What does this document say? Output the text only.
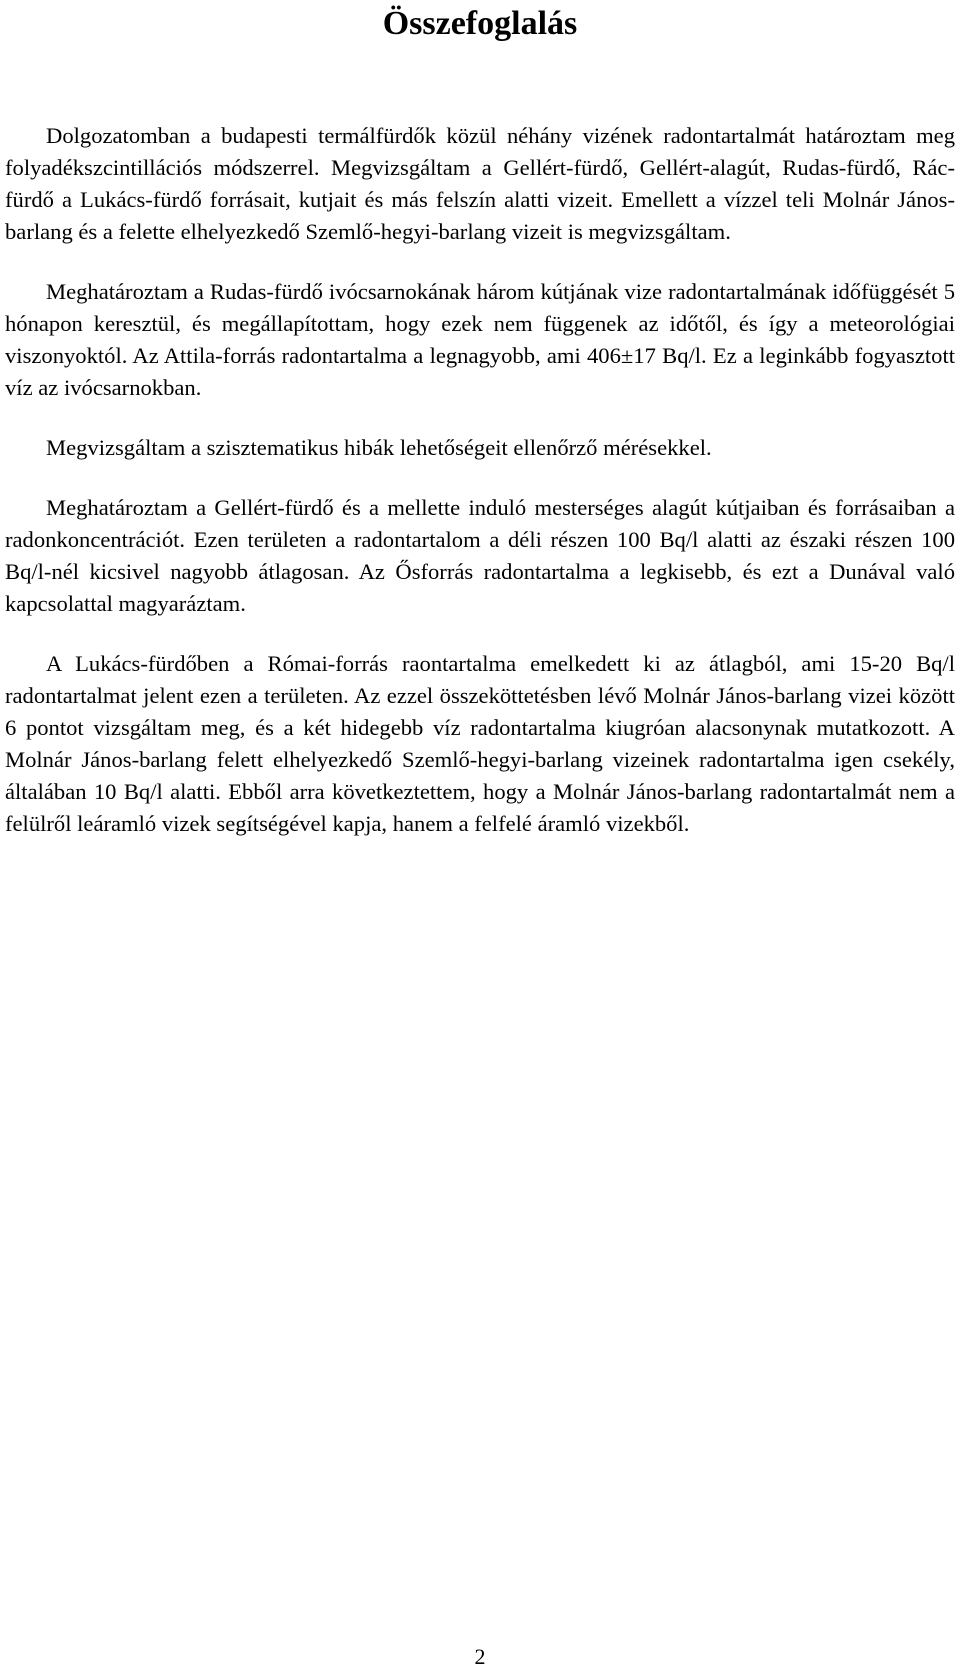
Összefoglalás

Dolgozatomban a budapesti termálfürdők közül néhány vizének radontartalmát határoztam meg folyadékszcintillációs módszerrel. Megvizsgáltam a Gellért-fürdő, Gellért-alagút, Rudas-fürdő, Rác-fürdő a Lukács-fürdő forrásait, kutjait és más felszín alatti vizeit. Emellett a vízzel teli Molnár János-barlang és a felette elhelyezkedő Szemlő-hegyi-barlang vizeit is megvizsgáltam.

Meghatároztam a Rudas-fürdő ivócsarnokának három kútjának vize radontartalmának időfüggését 5 hónapon keresztül, és megállapítottam, hogy ezek nem függenek az időtől, és így a meteorológiai viszonyoktól. Az Attila-forrás radontartalma a legnagyobb, ami 406±17 Bq/l. Ez a leginkább fogyasztott víz az ivócsarnokban.

Megvizsgáltam a szisztematikus hibák lehetőségeit ellenőrző mérésekkel.

Meghatároztam a Gellért-fürdő és a mellette induló mesterséges alagút kútjaiban és forrásaiban a radonkoncentrációt. Ezen területen a radontartalom a déli részen 100 Bq/l alatti az északi részen 100 Bq/l-nél kicsivel nagyobb átlagosan. Az Ősforrás radontartalma a legkisebb, és ezt a Dunával való kapcsolattal magyaráztam.

A Lukács-fürdőben a Római-forrás raontartalma emelkedett ki az átlagból, ami 15-20 Bq/l radontartalmat jelent ezen a területen. Az ezzel összeköttetésben lévő Molnár János-barlang vizei között 6 pontot vizsgáltam meg, és a két hidegebb víz radontartalma kiugróan alacsonynak mutatkozott. A Molnár János-barlang felett elhelyezkedő Szemlő-hegyi-barlang vizeinek radontartalma igen csekély, általában 10 Bq/l alatti. Ebből arra következtettem, hogy a Molnár János-barlang radontartalmát nem a felülről leáramló vizek segítségével kapja, hanem a felfelé áramló vizekből.

2
